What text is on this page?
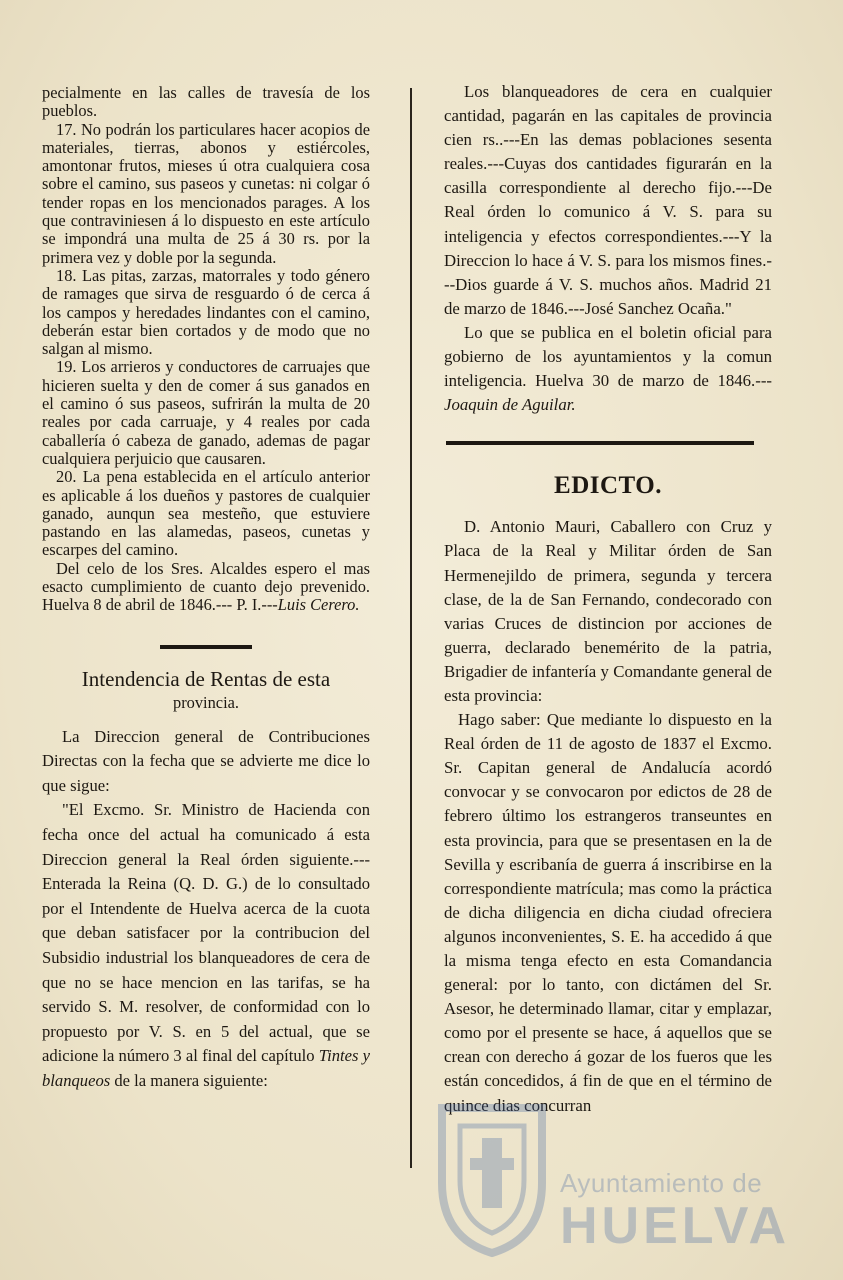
pecialmente en las calles de travesía de los pueblos.

17. No podrán los particulares hacer acopios de materiales, tierras, abonos y estiércoles, amontonar frutos, mieses ú otra cualquiera cosa sobre el camino, sus paseos y cunetas: ni colgar ó tender ropas en los mencionados parages. A los que contraviniesen á lo dispuesto en este artículo se impondrá una multa de 25 á 30 rs. por la primera vez y doble por la segunda.

18. Las pitas, zarzas, matorrales y todo género de ramages que sirva de resguardo ó de cerca á los campos y heredades lindantes con el camino, deberán estar bien cortados y de modo que no salgan al mismo.

19. Los arrieros y conductores de carruajes que hicieren suelta y den de comer á sus ganados en el camino ó sus paseos, sufrirán la multa de 20 reales por cada carruaje, y 4 reales por cada caballería ó cabeza de ganado, ademas de pagar cualquiera perjuicio que causaren.

20. La pena establecida en el artículo anterior es aplicable á los dueños y pastores de cualquier ganado, aunqun sea mesteño, que estuviere pastando en las alamedas, paseos, cunetas y escarpes del camino.

Del celo de los Sres. Alcaldes espero el mas esacto cumplimiento de cuanto dejo prevenido. Huelva 8 de abril de 1846.--- P. I.---Luis Cerero.

Intendencia de Rentas de esta

provincia.

La Direccion general de Contribuciones Directas con la fecha que se advierte me dice lo que sigue:

"El Excmo. Sr. Ministro de Hacienda con fecha once del actual ha comunicado á esta Direccion general la Real órden siguiente.---Enterada la Reina (Q. D. G.) de lo consultado por el Intendente de Huelva acerca de la cuota que deban satisfacer por la contribucion del Subsidio industrial los blanqueadores de cera de que no se hace mencion en las tarifas, se ha servido S. M. resolver, de conformidad con lo propuesto por V. S. en 5 del actual, que se adicione la número 3 al final del capítulo Tintes y blanqueos de la manera siguiente:

Los blanqueadores de cera en cualquier cantidad, pagarán en las capitales de provincia cien rs..---En las demas poblaciones sesenta reales.---Cuyas dos cantidades figurarán en la casilla correspondiente al derecho fijo.---De Real órden lo comunico á V. S. para su inteligencia y efectos correspondientes.---Y la Direccion lo hace á V. S. para los mismos fines.---Dios guarde á V. S. muchos años. Madrid 21 de marzo de 1846.---José Sanchez Ocaña."

Lo que se publica en el boletin oficial para gobierno de los ayuntamientos y la comun inteligencia. Huelva 30 de marzo de 1846.---Joaquin de Aguilar.

EDICTO.

D. Antonio Mauri, Caballero con Cruz y Placa de la Real y Militar órden de San Hermenejildo de primera, segunda y tercera clase, de la de San Fernando, condecorado con varias Cruces de distincion por acciones de guerra, declarado benemérito de la patria, Brigadier de infantería y Comandante general de esta provincia:

Hago saber: Que mediante lo dispuesto en la Real órden de 11 de agosto de 1837 el Excmo. Sr. Capitan general de Andalucía acordó convocar y se convocaron por edictos de 28 de febrero último los estrangeros transeuntes en esta provincia, para que se presentasen en la de Sevilla y escribanía de guerra á inscribirse en la correspondiente matrícula; mas como la práctica de dicha diligencia en dicha ciudad ofreciera algunos inconvenientes, S. E. ha accedido á que la misma tenga efecto en esta Comandancia general: por lo tanto, con dictámen del Sr. Asesor, he determinado llamar, citar y emplazar, como por el presente se hace, á aquellos que se crean con derecho á gozar de los fueros que les están concedidos, á fin de que en el término de quince dias concurran

Ayuntamiento de
HUELVA
